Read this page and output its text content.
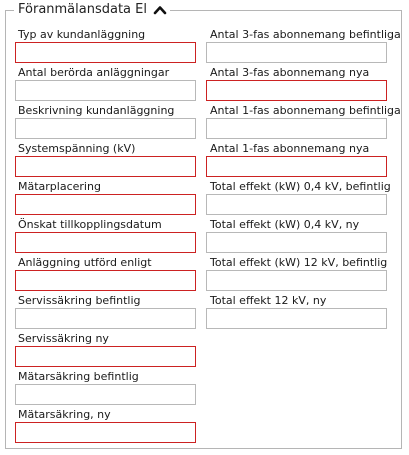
Föranmälansdata El
Typ av kundanläggning
Antal berörda anläggningar
Beskrivning kundanläggning
Systemspänning (kV)
Mätarplacering
Önskat tillkopplingsdatum
Anläggning utförd enligt
Servissäkring befintlig
Servissäkring ny
Mätarsäkring befintlig
Mätarsäkring, ny
Antal 3-fas abonnemang befintliga
Antal 3-fas abonnemang nya
Antal 1-fas abonnemang befintliga
Antal 1-fas abonnemang nya
Total effekt (kW) 0,4 kV, befintlig
Total effekt (kW) 0,4 kV, ny
Total effekt (kW) 12 kV, befintlig
Total effekt 12 kV, ny
